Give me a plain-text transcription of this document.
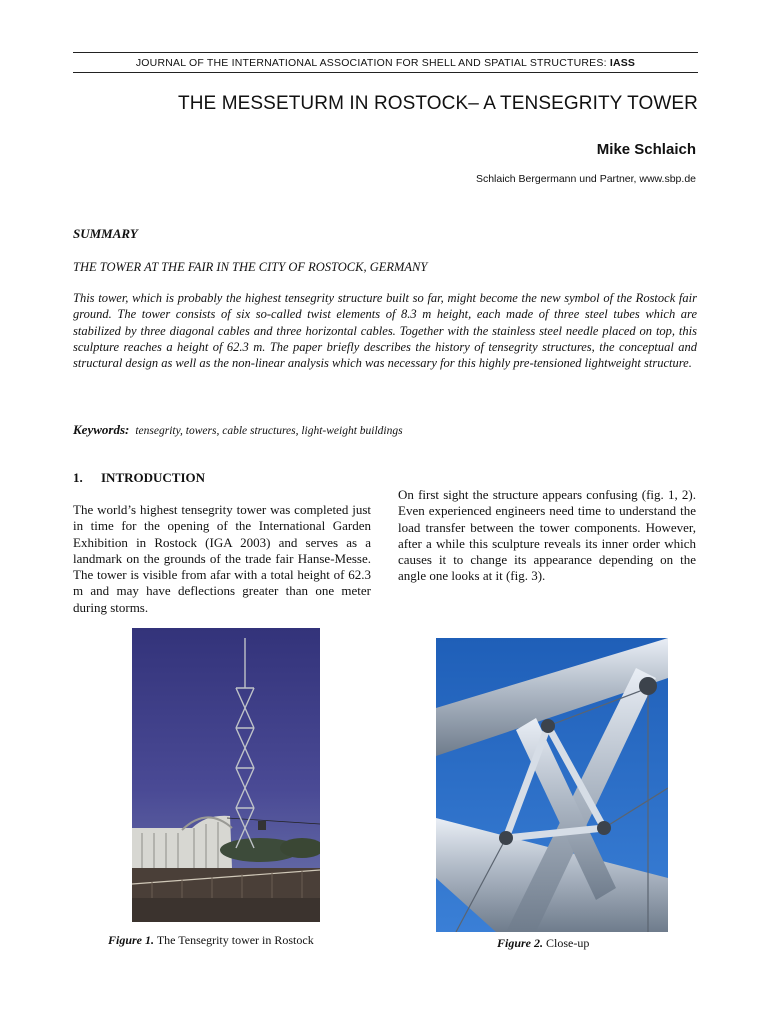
JOURNAL OF THE INTERNATIONAL ASSOCIATION FOR SHELL AND SPATIAL STRUCTURES: IASS
THE MESSETURM IN ROSTOCK– A TENSEGRITY TOWER
Mike Schlaich
Schlaich Bergermann und Partner, www.sbp.de
SUMMARY
THE TOWER AT THE FAIR IN THE CITY OF ROSTOCK, GERMANY
This tower, which is probably the highest tensegrity structure built so far, might become the new symbol of the Rostock fair ground. The tower consists of six so-called twist elements of 8.3 m height, each made of three steel tubes which are stabilized by three diagonal cables and three horizontal cables. Together with the stainless steel needle placed on top, this sculpture reaches a height of 62.3 m. The paper briefly describes the history of tensegrity structures, the conceptual and structural design as well as the non-linear analysis which was necessary for this highly pre-tensioned lightweight structure.
Keywords: tensegrity, towers, cable structures, light-weight buildings
1. INTRODUCTION
The world’s highest tensegrity tower was completed just in time for the opening of the International Garden Exhibition in Rostock (IGA 2003) and serves as a landmark on the grounds of the trade fair Hanse-Messe. The tower is visible from afar with a total height of 62.3 m and may have deflections greater than one meter during storms.
On first sight the structure appears confusing (fig. 1, 2). Even experienced engineers need time to understand the load transfer between the tower components. However, after a while this sculpture reveals its inner order which causes it to change its appearance depending on the angle one looks at it (fig. 3).
Figure 1. The Tensegrity tower in Rostock	Figure 2. Close-up
